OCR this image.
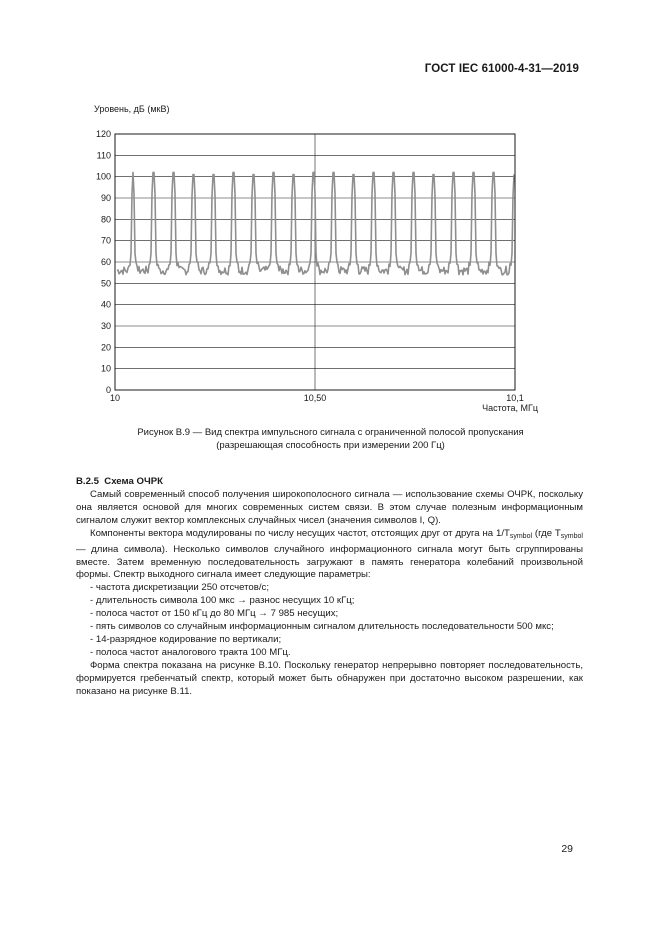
ГОСТ IEC 61000-4-31—2019
Уровень, дБ (мкВ)
0
10
20
30
40
50
60
70
80
90
100
110
120
10	10,50	10,1
Частота, МГц
Рисунок В.9 — Вид спектра импульсного сигнала с ограниченной полосой пропускания
(разрешающая способность при измерении 200 Гц)
В.2.5 Схема ОЧРК

Самый современный способ получения широкополосного сигнала — использование схемы ОЧРК, поскольку она является основой для многих современных систем связи. В этом случае полезным информационным сигналом служит вектор комплексных случайных чисел (значения символов I, Q).

Компоненты вектора модулированы по числу несущих частот, отстоящих друг от друга на $1/T_{symbol}$ (где $T_{symbol}$ — длина символа). Несколько символов случайного информационного сигнала могут быть сгруппированы вместе. Затем временную последовательность загружают в память генератора колебаний произвольной формы. Спектр выходного сигнала имеет следующие параметры:

- частота дискретизации 250 отсчетов/с;

- длительность символа 100 мкс → разнос несущих 10 кГц;

- полоса частот от 150 кГц до 80 МГц → 7 985 несущих;

- пять символов со случайным информационным сигналом длительность последовательности 500 мкс;

- 14-разрядное кодирование по вертикали;

- полоса частот аналогового тракта 100 МГц.

Форма спектра показана на рисунке В.10. Поскольку генератор непрерывно повторяет последовательность, формируется гребенчатый спектр, который может быть обнаружен при достаточно высоком разрешении, как показано на рисунке В.11.

29
